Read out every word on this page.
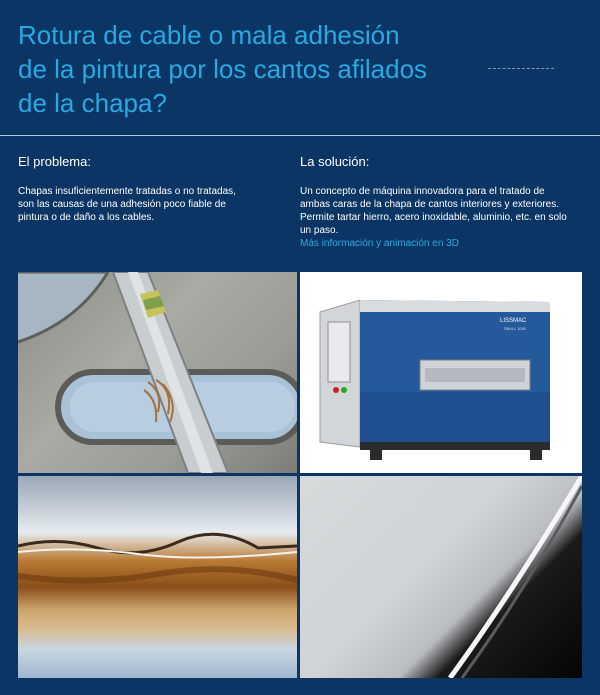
Rotura de cable o mala adhesión
de la pintura por los cantos afilados
de la chapa?
El problema:
Chapas insuficientemente tratadas o no tratadas, son las causas de una adhesión poco fiable de pintura o de daño a los cables.
La solución:
Un concepto de máquina innovadora para el tratado de ambas caras de la chapa de cantos interiores y exteriores. Permite tartar hierro, acero inoxidable, aluminio, etc. en solo un paso.
Más información y animación en 3D
LISSMAC
SBM-L 1000
